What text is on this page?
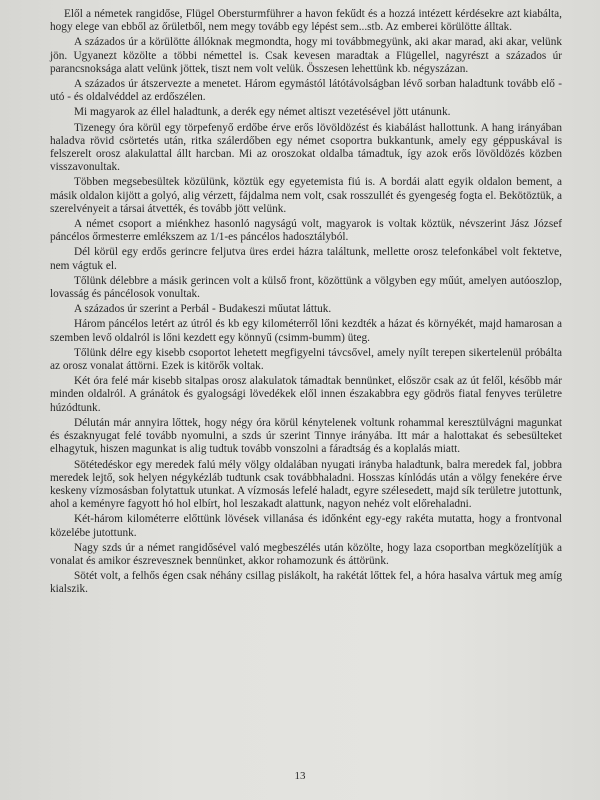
Elől a németek rangidőse, Flügel Obersturmführer a havon fekűdt és a hozzá intézett kérdésekre azt kiabálta, hogy elege van ebből az őrületből, nem megy tovább egy lépést sem...stb. Az emberei körülötte álltak.

A százados úr a körülötte állóknak megmondta, hogy mi továbbmegyünk, aki akar marad, aki akar, velünk jön. Ugyanezt közölte a többi némettel is. Csak kevesen maradtak a Flügellel, nagyrészt a százados úr parancsnoksága alatt velünk jöttek, tiszt nem volt velük. Összesen lehettünk kb. négyszázan.

A százados úr átszervezte a menetet. Három egymástól látótávolságban lévő sorban haladtunk tovább elő - utó - és oldalvéddel az erdőszélen.

Mi magyarok az éllel haladtunk, a derék egy német altiszt vezetésével jött utánunk.

Tizenegy óra körül egy törpefenyő erdőbe érve erős lövöldözést és kiabálást hallottunk. A hang irányában haladva rövid csörtetés után, ritka szálerdőben egy német csoportra bukkantunk, amely egy géppuskával is felszerelt orosz alakulattal állt harcban. Mi az oroszokat oldalba támadtuk, így azok erős lövöldözés közben visszavonultak.

Többen megsebesültek közülünk, köztük egy egyetemista fiú is. A bordái alatt egyik oldalon bement, a másik oldalon kijött a golyó, alig vérzett, fájdalma nem volt, csak rosszullét és gyengeség fogta el. Bekötöztük, a szerelvényeit a társai átvették, és tovább jött velünk.

A német csoport a miénkhez hasonló nagyságú volt, magyarok is voltak köztük, névszerint Jász József páncélos őrmesterre emlékszem az 1/1-es páncélos hadosztályból.

Dél körül egy erdős gerincre feljutva üres erdei házra találtunk, mellette orosz telefonkábel volt fektetve, nem vágtuk el.

Tőlünk délebbre a másik gerincen volt a külső front, közöttünk a völgyben egy műút, amelyen autóoszlop, lovasság és páncélosok vonultak.

A százados úr szerint a Perbál - Budakeszi műutat láttuk.

Három páncélos letért az útról és kb egy kilométerről lőni kezdték a házat és környékét, majd hamarosan a szemben levő oldalról is lőni kezdett egy könnyű (csimm-bumm) üteg.

Tőlünk délre egy kisebb csoportot lehetett megfigyelni távcsővel, amely nyílt terepen sikertelenül próbálta az orosz vonalat áttörni. Ezek is kitörők voltak.

Két óra felé már kisebb sitalpas orosz alakulatok támadtak bennünket, először csak az út felől, később már minden oldalról. A gránátok és gyalogsági lövedékek elől innen északabbra egy gödrös fiatal fenyves területre húzódtunk.

Délután már annyira lőttek, hogy négy óra körül kénytelenek voltunk rohammal keresztülvágni magunkat és északnyugat felé tovább nyomulni, a szds úr szerint Tinnye irányába. Itt már a halottakat és sebesülteket elhagytuk, hiszen magunkat is alig tudtuk tovább vonszolni a fáradtság és a koplalás miatt.

Sötétedéskor egy meredek falú mély völgy oldalában nyugati irányba haladtunk, balra meredek fal, jobbra meredek lejtő, sok helyen négykézláb tudtunk csak továbbhaladni. Hosszas kínlódás után a völgy fenekére érve keskeny vízmosásban folytattuk utunkat. A vízmosás lefelé haladt, egyre szélesedett, majd sík területre jutottunk, ahol a keményre fagyott hó hol elbírt, hol leszakadt alattunk, nagyon nehéz volt előrehaladni.

Két-három kilométerre előttünk lövések villanása és időnként egy-egy rakéta mutatta, hogy a frontvonal közelébe jutottunk.

Nagy szds úr a német rangidősével való megbeszélés után közölte, hogy laza csoportban megközelítjük a vonalat és amikor észrevesznek bennünket, akkor rohamozunk és áttörünk.

Sötét volt, a felhős égen csak néhány csillag pislákolt, ha rakétát lőttek fel, a hóra hasalva vártuk meg amíg kialszik.

13
